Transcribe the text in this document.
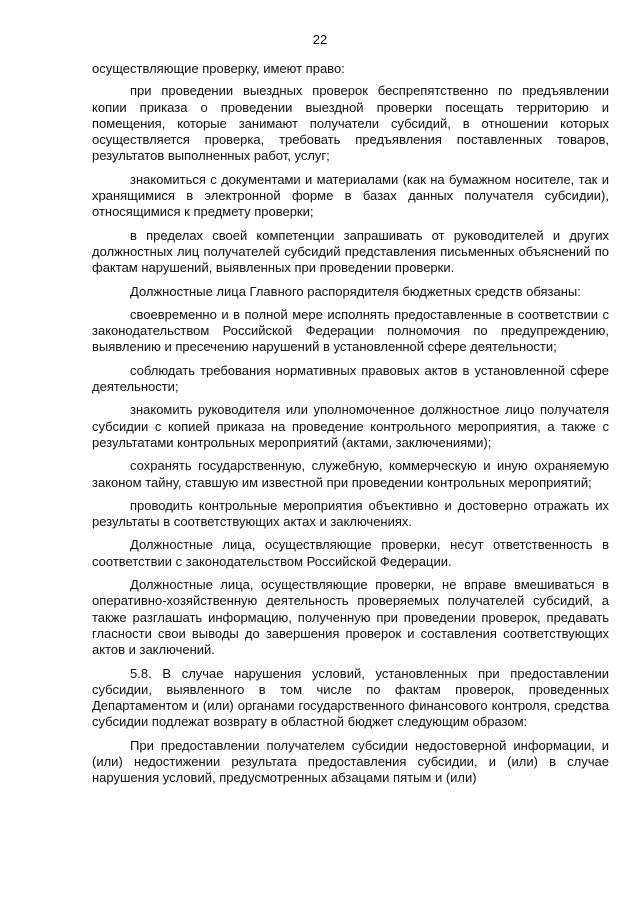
22

осуществляющие проверку, имеют право:

при проведении выездных проверок беспрепятственно по предъявлении копии приказа о проведении выездной проверки посещать территорию и помещения, которые занимают получатели субсидий, в отношении которых осуществляется проверка, требовать предъявления поставленных товаров, результатов выполненных работ, услуг;

знакомиться с документами и материалами (как на бумажном носителе, так и хранящимися в электронной форме в базах данных получателя субсидии), относящимися к предмету проверки;

в пределах своей компетенции запрашивать от руководителей и других должностных лиц получателей субсидий представления письменных объяснений по фактам нарушений, выявленных при проведении проверки.

Должностные лица Главного распорядителя бюджетных средств обязаны:

своевременно и в полной мере исполнять предоставленные в соответствии с законодательством Российской Федерации полномочия по предупреждению, выявлению и пресечению нарушений в установленной сфере деятельности;

соблюдать требования нормативных правовых актов в установленной сфере деятельности;

знакомить руководителя или уполномоченное должностное лицо получателя субсидии с копией приказа на проведение контрольного мероприятия, а также с результатами контрольных мероприятий (актами, заключениями);

сохранять государственную, служебную, коммерческую и иную охраняемую законом тайну, ставшую им известной при проведении контрольных мероприятий;

проводить контрольные мероприятия объективно и достоверно отражать их результаты в соответствующих актах и заключениях.

Должностные лица, осуществляющие проверки, несут ответственность в соответствии с законодательством Российской Федерации.

Должностные лица, осуществляющие проверки, не вправе вмешиваться в оперативно-хозяйственную деятельность проверяемых получателей субсидий, а также разглашать информацию, полученную при проведении проверок, предавать гласности свои выводы до завершения проверок и составления соответствующих актов и заключений.

5.8. В случае нарушения условий, установленных при предоставлении субсидии, выявленного в том числе по фактам проверок, проведенных Департаментом и (или) органами государственного финансового контроля, средства субсидии подлежат возврату в областной бюджет следующим образом:

При предоставлении получателем субсидии недостоверной информации, и (или) недостижении результата предоставления субсидии, и (или) в случае нарушения условий, предусмотренных абзацами пятым и (или)
